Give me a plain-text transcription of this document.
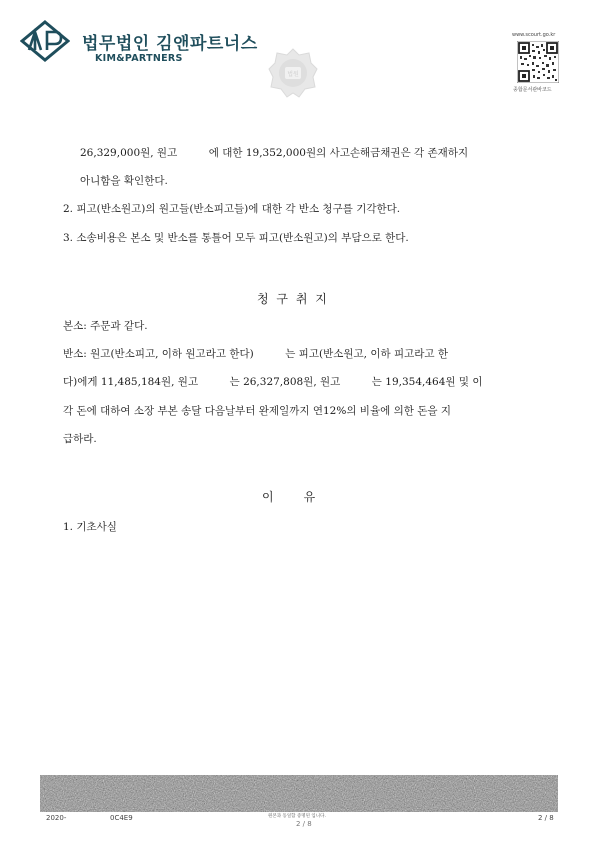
법무법인 김앤파트너스
KIM&PARTNERS
법원
www.scourt.go.kr
종합문서관바코드
26,329,000원, 원고　　　에 대한 19,352,000원의 사고손해금채권은 각 존재하지
아니함을 확인한다.
2. 피고(반소원고)의 원고들(반소피고들)에 대한 각 반소 청구를 기각한다.
3. 소송비용은 본소 및 반소를 통틀어 모두 피고(반소원고)의 부담으로 한다.
청 구 취 지
본소: 주문과 같다.
반소: 원고(반소피고, 이하 원고라고 한다)　　　는 피고(반소원고, 이하 피고라고 한
다)에게 11,485,184원, 원고　　　는 26,327,808원, 원고　　　는 19,354,464원 및 이
각 돈에 대하여 소장 부본 송달 다음날부터 완제일까지 연12%의 비율에 의한 돈을 지
급하라.
이　　유
1. 기초사실
2020-	0C4E9	원본과 동일함 증명된 입니다.
2 / 8
2 / 8
